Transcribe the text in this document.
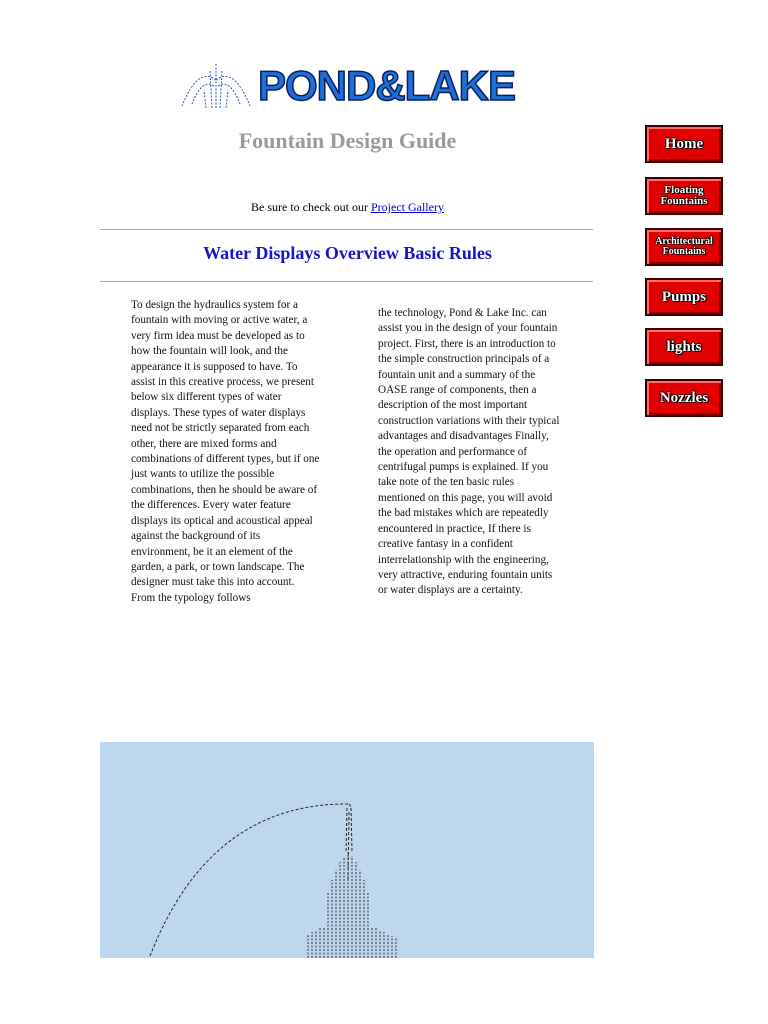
POND&LAKE
Fountain Design Guide
Be sure to check out our Project Gallery
Water Displays Overview Basic Rules
To design the hydraulics system for a fountain with moving or active water, a very firm idea must be developed as to how the fountain will look, and the appearance it is supposed to have. To assist in this creative process, we present below six different types of water displays. These types of water displays need not be strictly separated from each other, there are mixed forms and combinations of different types, but if one just wants to utilize the possible combinations, then he should be aware of the differences. Every water feature displays its optical and acoustical appeal against the background of its environment, be it an element of the garden, a park, or town landscape. The designer must take this into account. From the typology follows
the technology, Pond & Lake Inc. can assist you in the design of your fountain project. First, there is an introduction to the simple construction principals of a fountain unit and a summary of the OASE range of components, then a description of the most important construction variations with their typical advantages and disadvantages Finally, the operation and performance of centrifugal pumps is explained. If you take note of the ten basic rules mentioned on this page, you will avoid the bad mistakes which are repeatedly encountered in practice, If there is creative fantasy in a confident interrelationship with the engineering, very attractive, enduring fountain units or water displays are a certainty.
Home
Floating
Fountains
Architectural
Fountains
Pumps
lights
Nozzles
